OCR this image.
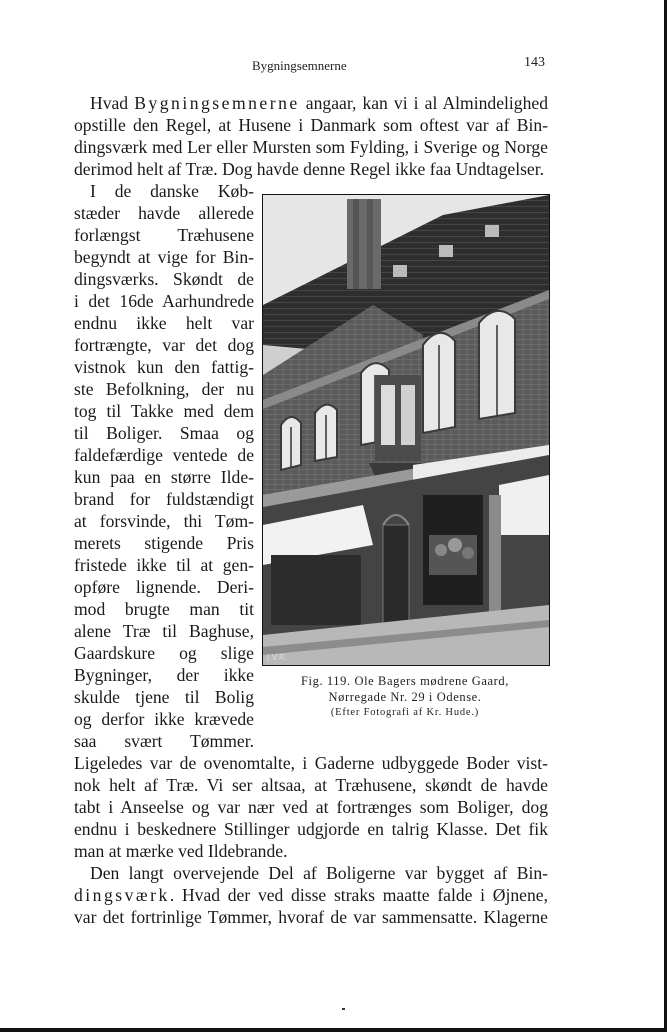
Bygningsemnerne	143
Hvad Bygningsemnerne angaar, kan vi i al Almindelighed
opstille den Regel, at Husene i Danmark som oftest var af Bin-
dingsværk med Ler eller Mursten som Fylding, i Sverige og Norge
derimod helt af Træ. Dog havde denne Regel ikke faa Undtagelser.
I de danske Køb-
stæder havde allerede
forlængst Træhusene
begyndt at vige for Bin-
dingsværks. Skøndt de
i det 16de Aarhundrede
endnu ikke helt var
fortrængte, var det dog
vistnok kun den fattig-
ste Befolkning, der nu
tog til Takke med dem
til Boliger. Smaa og
faldefærdige ventede de
kun paa en større Ilde-
brand for fuldstændigt
at forsvinde, thi Tøm-
merets stigende Pris
fristede ikke til at gen-
opføre lignende. Deri-
mod brugte man tit
alene Træ til Baghuse,
Gaardskure og slige
Bygninger, der ikke
skulde tjene til Bolig
og derfor ikke krævede
saa svært Tømmer.
Ligeledes var de ovenomtalte, i Gaderne udbyggede Boder vist-
nok helt af Træ. Vi ser altsaa, at Træhusene, skøndt de havde
tabt i Anseelse og var nær ved at fortrænges som Boliger, dog
endnu i beskednere Stillinger udgjorde en talrig Klasse. Det fik
man at mærke ved Ildebrande.
Den langt overvejende Del af Boligerne var bygget af Bin-
dingsværk. Hvad der ved disse straks maatte falde i Øjnene,
var det fortrinlige Tømmer, hvoraf de var sammensatte. Klagerne
J.V.R.
Fig. 119. Ole Bagers mødrene Gaard,
Nørregade Nr. 29 i Odense.
(Efter Fotografi af Kr. Hude.)
